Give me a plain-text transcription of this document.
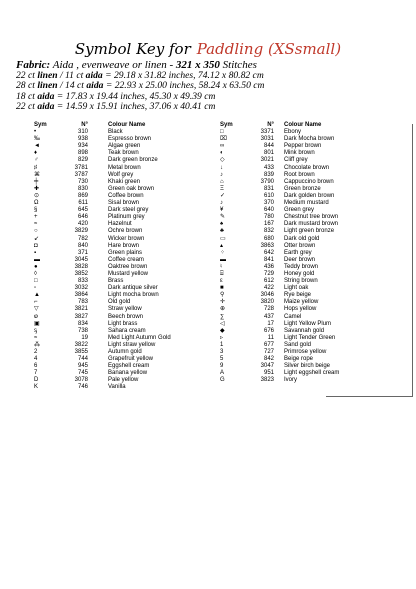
Symbol Key for Paddling (XSsmall)
Fabric: Aida , evenweave or linen - 321 x 350 Stitches
22 ct linen / 11 ct aida = 29.18 x 31.82 inches, 74.12 x 80.82 cm
28 ct linen / 14 ct aida = 22.93 x 25.00 inches, 58.24 x 63.50 cm
18 ct aida = 17.83 x 19.44 inches, 45.30 x 49.39 cm
22 ct aida = 14.59 x 15.91 inches, 37.06 x 40.41 cm
Sym	N°	Colour Name
•	310	Black
‰	938	Espresso brown
◄	934	Algae green
♦	898	Teak brown
♂	829	Dark green bronze
♯	3781	Metal brown
⌘	3787	Wolf grey
╪	730	Khaki green
✚	830	Green oak brown
⊙	869	Coffee brown
Ω	611	Sisal brown
§	645	Dark steel grey
+	646	Platinum grey
≈	420	Hazelnut
○	3829	Ochre brown
↙	782	Wicker brown
◘	840	Hare brown
▪	371	Green plains
▬	3045	Coffee cream
●	3828	Oaktree brown
◊	3852	Mustard yellow
□	833	Brass
▫	3032	Dark antique silver
▲	3864	Light mocha brown
⌐	783	Old gold
▽	3821	Straw yellow
ⱷ	3827	Beech brown
▣	834	Light brass
ᶊ	738	Sahara cream
≈	19	Med Light Autumn Gold
⁂	3822	Light straw yellow
2	3855	Autumn gold
4	744	Grapefruit yellow
6	945	Eggshell cream
7	745	Banana yellow
D	3078	Pale yellow
K	746	Vanilla
Sym	N° Colour Name
□	3371 Ebony
⌧	3031 Dark Mocha brown
∞	844 Pepper brown
◐	801 Mink brown
◇	3021 Cliff grey
↓	433 Chocolate brown
♪	839 Root brown
⌂	3790 Cappuccino brown
Ξ	831 Green bronze
✓	610 Dark golden brown
♪	370 Medium mustard
¥	640 Green grey
✎	780 Chestnut tree brown
♠	167 Dark mustard brown
♣	832 Light green bronze
▭	680 Dark old gold
▴	3863 Otter brown
⁘	642 Earth grey
▬	841 Deer brown
♮	436 Teddy brown
⌸	729 Honey gold
ε	612 String brown
■	422 Light oak
⚲	3046 Rye beige
✛	3820 Maize yellow
⊕	728 Hops yellow
∑	437 Camel
◁	17 Light Yellow Plum
◆	676 Savannah gold
▹	11 Light Tender Green
1	677 Sand gold
3	727 Primrose yellow
5	842 Beige rope
9	3047 Silver birch beige
A	951 Light eggshell cream
G	3823 Ivory
